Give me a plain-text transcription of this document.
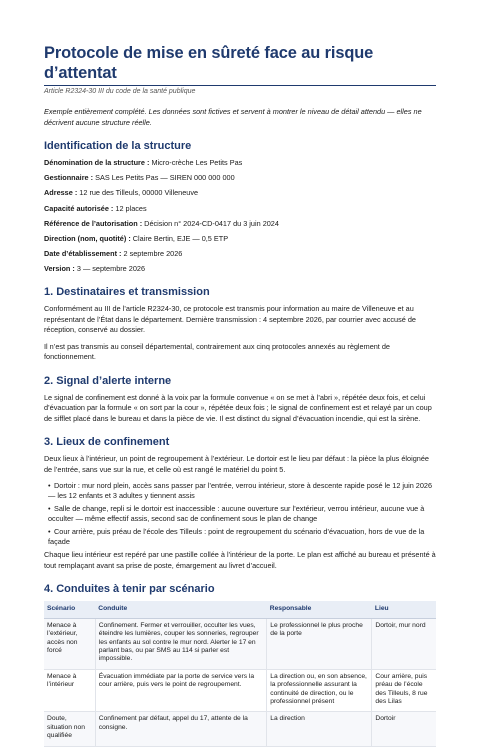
Protocole de mise en sûreté face au risque d’attentat
Article R2324-30 III du code de la santé publique
Exemple entièrement complété. Les données sont fictives et servent à montrer le niveau de détail attendu — elles ne décrivent aucune structure réelle.
Identification de la structure
Dénomination de la structure : Micro-crèche Les Petits Pas
Gestionnaire : SAS Les Petits Pas — SIREN 000 000 000
Adresse : 12 rue des Tilleuls, 00000 Villeneuve
Capacité autorisée : 12 places
Référence de l’autorisation : Décision n° 2024-CD-0417 du 3 juin 2024
Direction (nom, quotité) : Claire Bertin, EJE — 0,5 ETP
Date d’établissement : 2 septembre 2026
Version : 3 — septembre 2026
1. Destinataires et transmission

Conformément au III de l’article R2324-30, ce protocole est transmis pour information au maire de Villeneuve et au représentant de l’État dans le département. Dernière transmission : 4 septembre 2026, par courrier avec accusé de réception, conservé au dossier.

Il n’est pas transmis au conseil départemental, contrairement aux cinq protocoles annexés au règlement de fonctionnement.

2. Signal d’alerte interne

Le signal de confinement est donné à la voix par la formule convenue « on se met à l’abri », répétée deux fois, et celui d’évacuation par la formule « on sort par la cour », répétée deux fois ; le signal de confinement est et relayé par un coup de sifflet placé dans le bureau et dans la pièce de vie. Il est distinct du signal d’évacuation incendie, qui est la sirène.

3. Lieux de confinement

Deux lieux à l’intérieur, un point de regroupement à l’extérieur. Le dortoir est le lieu par défaut : la pièce la plus éloignée de l’entrée, sans vue sur la rue, et celle où est rangé le matériel du point 5.

• Dortoir : mur nord plein, accès sans passer par l’entrée, verrou intérieur, store à descente rapide posé le 12 juin 2026 — les 12 enfants et 3 adultes y tiennent assis
• Salle de change, repli si le dortoir est inaccessible : aucune ouverture sur l’extérieur, verrou intérieur, aucune vue à occulter — même effectif assis, second sac de confinement sous le plan de change
• Cour arrière, puis préau de l’école des Tilleuls : point de regroupement du scénario d’évacuation, hors de vue de la façade

Chaque lieu intérieur est repéré par une pastille collée à l’intérieur de la porte. Le plan est affiché au bureau et présenté à tout remplaçant avant sa prise de poste, émargement au livret d’accueil.

4. Conduites à tenir par scénario
Scénario	Conduite	Responsable	Lieu
Menace à l’extérieur, accès non forcé	Confinement. Fermer et verrouiller, occulter les vues, éteindre les lumières, couper les sonneries, regrouper les enfants au sol contre le mur nord. Alerter le 17 en parlant bas, ou par SMS au 114 si parler est impossible.	Le professionnel le plus proche de la porte	Dortoir, mur nord
Menace à l’intérieur	Évacuation immédiate par la porte de service vers la cour arrière, puis vers le point de regroupement.	La direction ou, en son absence, la professionnelle assurant la continuité de direction, ou le professionnel présent	Cour arrière, puis préau de l’école des Tilleuls, 8 rue des Lilas
Doute, situation non qualifiée	Confinement par défaut, appel du 17, attente de la consigne.	La direction	Dortoir
